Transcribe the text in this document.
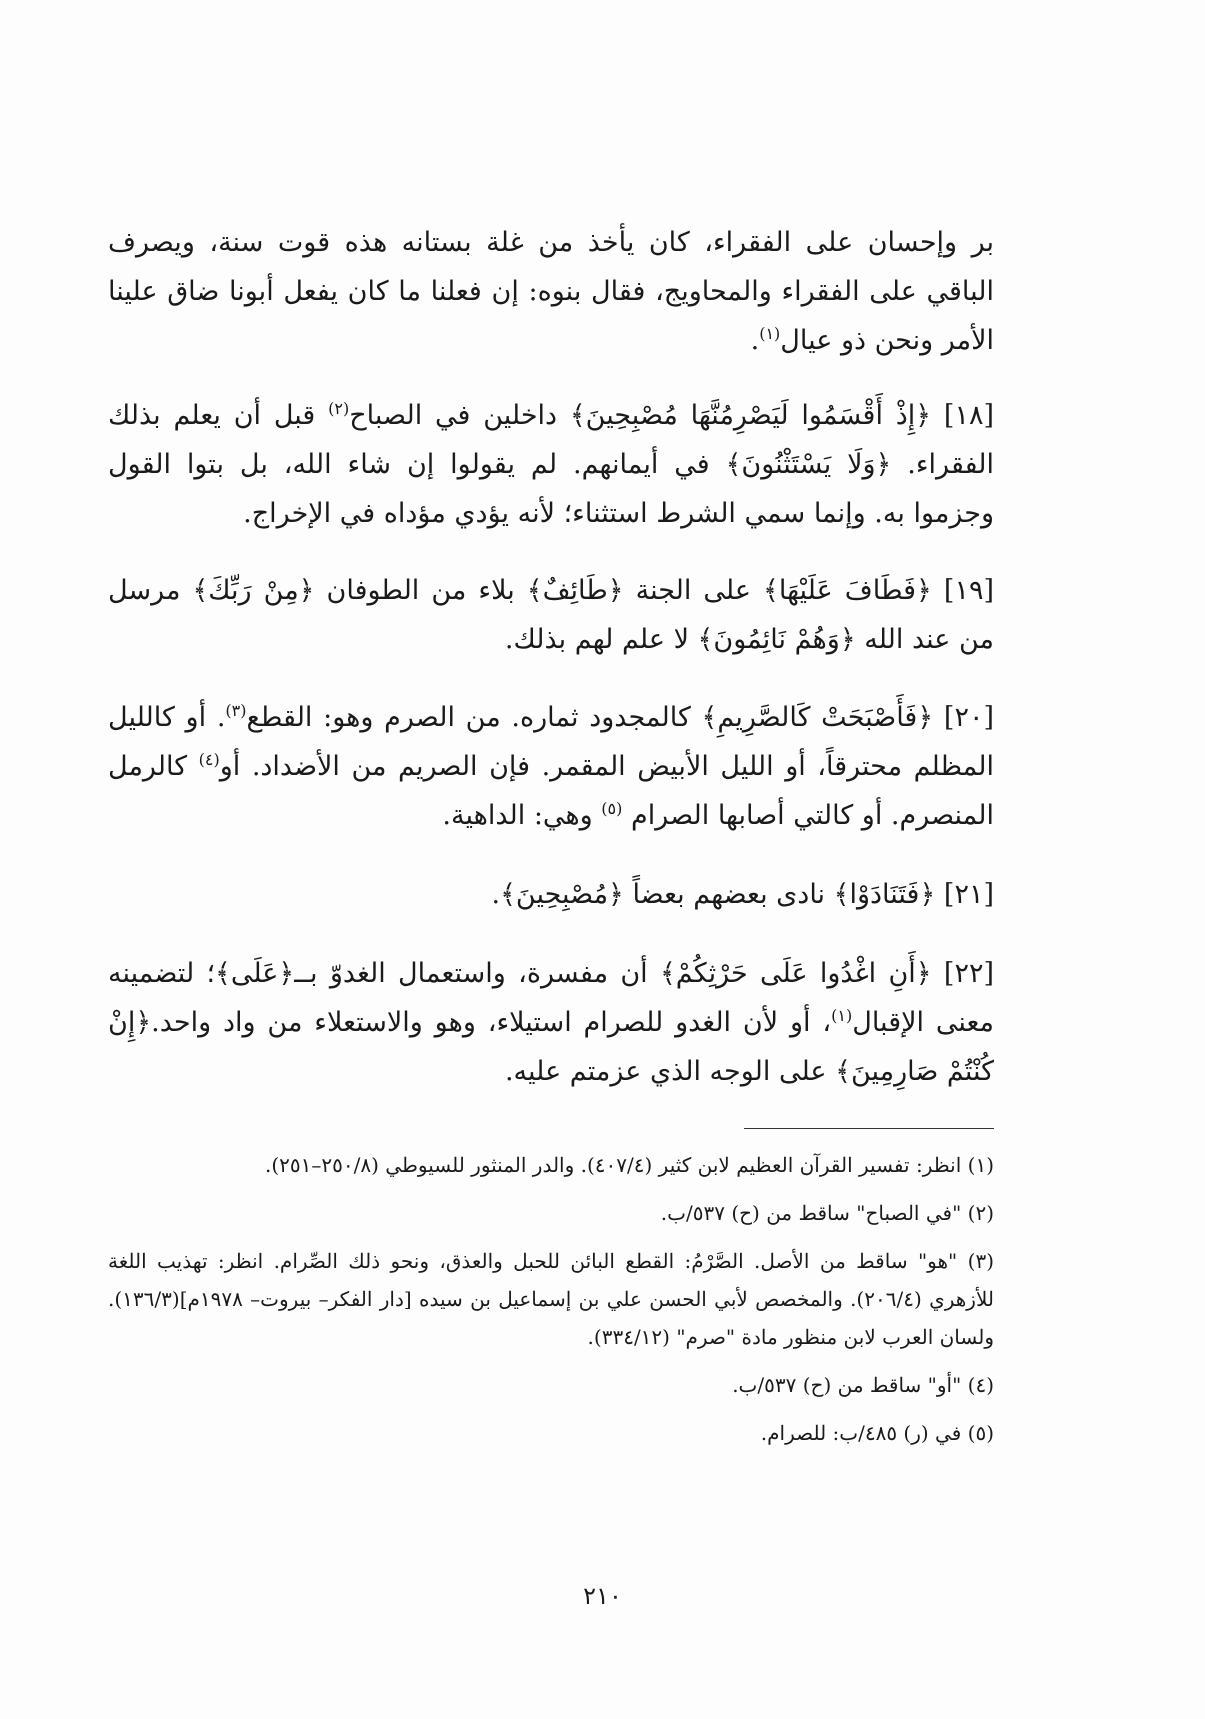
بر وإحسان على الفقراء، كان يأخذ من غلة بستانه هذه قوت سنة، ويصرف الباقي على الفقراء والمحاويج، فقال بنوه: إن فعلنا ما كان يفعل أبونا ضاق علينا الأمر ونحن ذو عيال$^{(١)}$.

[١٨] ﴿إِذْ أَقْسَمُوا لَيَصْرِمُنَّهَا مُصْبِحِينَ﴾ داخلين في الصباح$^{(٢)}$ قبل أن يعلم بذلك الفقراء. ﴿وَلَا يَسْتَثْنُونَ﴾ في أيمانهم. لم يقولوا إن شاء الله، بل بتوا القول وجزموا به. وإنما سمي الشرط استثناء؛ لأنه يؤدي مؤداه في الإخراج.

[١٩] ﴿فَطَافَ عَلَيْهَا﴾ على الجنة ﴿طَائِفٌ﴾ بلاء من الطوفان ﴿مِنْ رَبِّكَ﴾ مرسل من عند الله ﴿وَهُمْ نَائِمُونَ﴾ لا علم لهم بذلك.

[٢٠] ﴿فَأَصْبَحَتْ كَالصَّرِيمِ﴾ كالمجدود ثماره. من الصرم وهو: القطع$^{(٣)}$. أو كالليل المظلم محترقاً، أو الليل الأبيض المقمر. فإن الصريم من الأضداد. أو$^{(٤)}$ كالرمل المنصرم. أو كالتي أصابها الصرام $^{(٥)}$ وهي: الداهية.

[٢١] ﴿فَتَنَادَوْا﴾ نادى بعضهم بعضاً ﴿مُصْبِحِينَ﴾.

[٢٢] ﴿أَنِ اغْدُوا عَلَى حَرْثِكُمْ﴾ أن مفسرة، واستعمال الغدوّ بــ﴿عَلَى﴾؛ لتضمينه معنى الإقبال$^{(١)}$، أو لأن الغدو للصرام استيلاء، وهو والاستعلاء من واد واحد.﴿إِنْ كُنْتُمْ صَارِمِينَ﴾ على الوجه الذي عزمتم عليه.

(١) انظر: تفسير القرآن العظيم لابن كثير (٤٠٧/٤). والدر المنثور للسيوطي (٢٥٠/٨–٢٥١).

(٢) "في الصباح" ساقط من (ح) ٥٣٧/ب.

(٣) "هو" ساقط من الأصل. الصَّرْمُ: القطع البائن للحبل والعذق، ونحو ذلك الصِّرام. انظر: تهذيب اللغة للأزهري (٢٠٦/٤). والمخصص لأبي الحسن علي بن إسماعيل بن سيده [دار الفكر– بيروت– ١٩٧٨م](١٣٦/٣). ولسان العرب لابن منظور مادة "صرم" (٣٣٤/١٢).

(٤) "أو" ساقط من (ح) ٥٣٧/ب.

(٥) في (ر) ٤٨٥/ب: للصرام.

٢١٠
